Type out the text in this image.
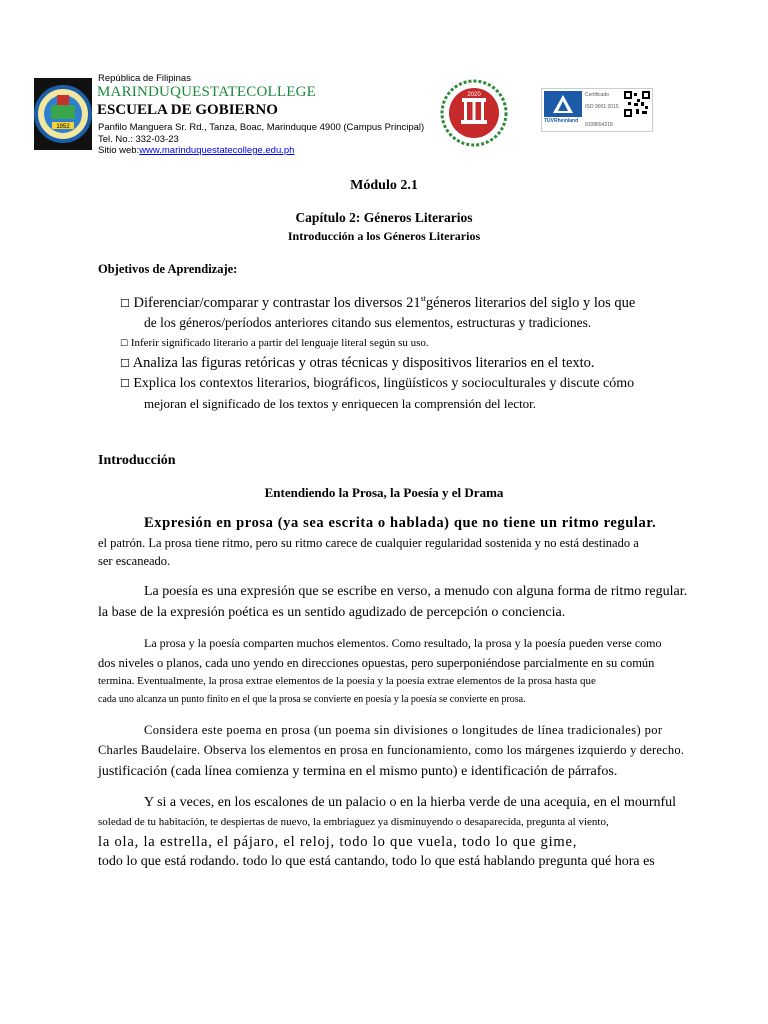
1952
República de Filipinas
MARINDUQUESTATECOLLEGE
ESCUELA DE GOBIERNO
Panfilo Manguera Sr. Rd., Tanza, Boac, Marinduque 4900 (Campus Principal)
Tel. No.: 332-03-23
Sitio web:www.marinduquestatecollege.edu.ph
2020
TÜVRheinland
Certificado
ISO 9001:2015
9108654218
Módulo 2.1
Capítulo 2: Géneros Literarios
Introducción a los Géneros Literarios
Objetivos de Aprendizaje:
☐ Diferenciar/comparar y contrastar los diversos 21stgéneros literarios del siglo y los que
de los géneros/períodos anteriores citando sus elementos, estructuras y tradiciones.
☐ Inferir significado literario a partir del lenguaje literal según su uso.
☐ Analiza las figuras retóricas y otras técnicas y dispositivos literarios en el texto.
☐ Explica los contextos literarios, biográficos, lingüísticos y socioculturales y discute cómo
mejoran el significado de los textos y enriquecen la comprensión del lector.
Introducción
Entendiendo la Prosa, la Poesía y el Drama
Expresión en prosa (ya sea escrita o hablada) que no tiene un ritmo regular.
el patrón. La prosa tiene ritmo, pero su ritmo carece de cualquier regularidad sostenida y no está destinado a
ser escaneado.
La poesía es una expresión que se escribe en verso, a menudo con alguna forma de ritmo regular.
la base de la expresión poética es un sentido agudizado de percepción o conciencia.
La prosa y la poesía comparten muchos elementos. Como resultado, la prosa y la poesía pueden verse como
dos niveles o planos, cada uno yendo en direcciones opuestas, pero superponiéndose parcialmente en su común
termina. Eventualmente, la prosa extrae elementos de la poesía y la poesía extrae elementos de la prosa hasta que
cada uno alcanza un punto finito en el que la prosa se convierte en poesía y la poesía se convierte en prosa.
Considera este poema en prosa (un poema sin divisiones o longitudes de línea tradicionales) por
Charles Baudelaire. Observa los elementos en prosa en funcionamiento, como los márgenes izquierdo y derecho.
justificación (cada línea comienza y termina en el mismo punto) e identificación de párrafos.
Y si a veces, en los escalones de un palacio o en la hierba verde de una acequia, en el mournful
soledad de tu habitación, te despiertas de nuevo, la embriaguez ya disminuyendo o desaparecida, pregunta al viento,
la ola, la estrella, el pájaro, el reloj, todo lo que vuela, todo lo que gime,
todo lo que está rodando. todo lo que está cantando, todo lo que está hablando pregunta qué hora es
